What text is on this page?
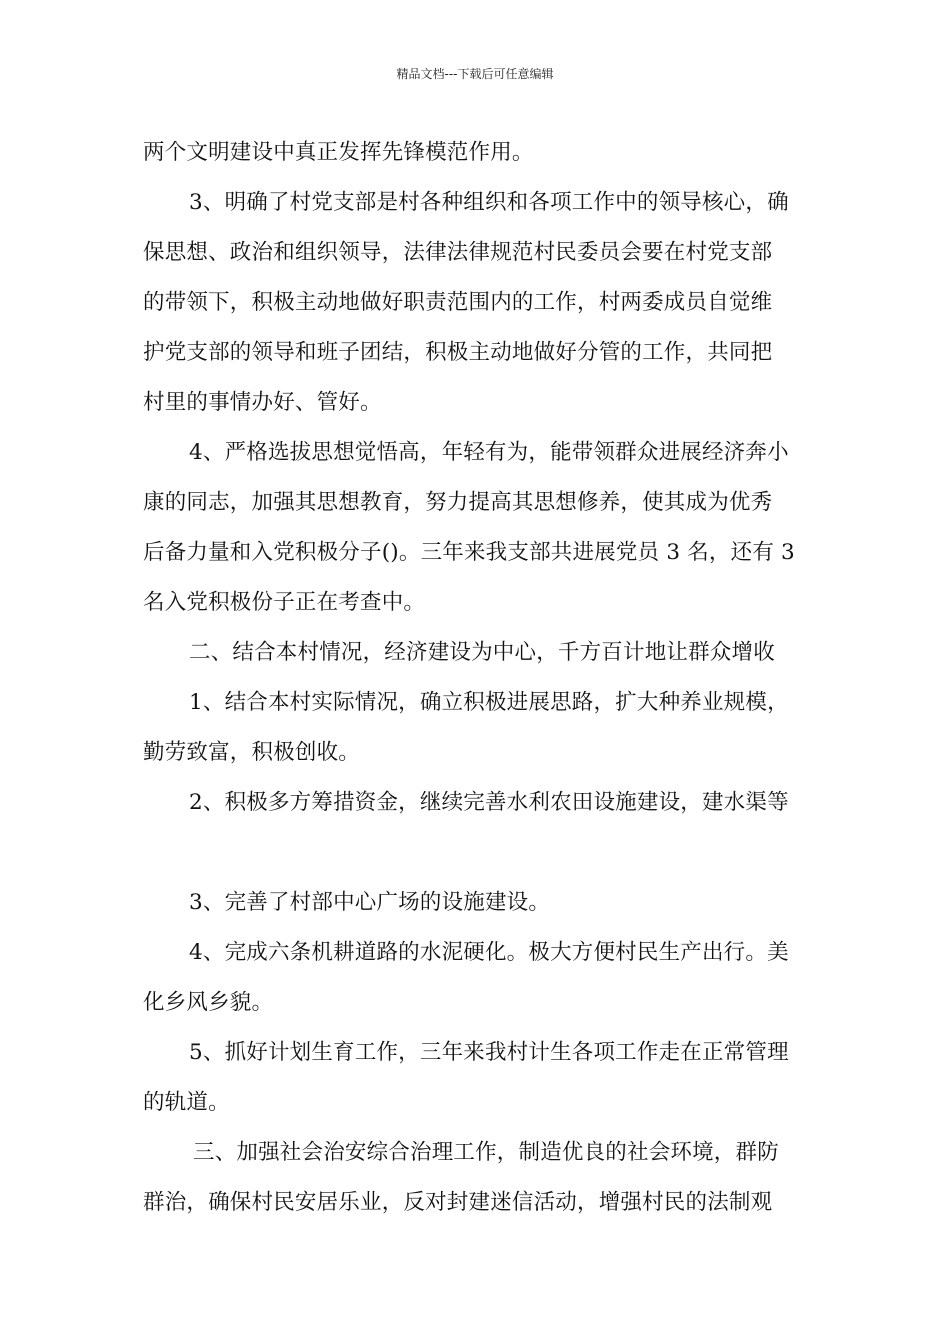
精品文档---下载后可任意编辑
两个文明建设中真正发挥先锋模范作用。
3、明确了村党支部是村各种组织和各项工作中的领导核心，确
保思想、政治和组织领导，法律法律规范村民委员会要在村党支部
的带领下，积极主动地做好职责范围内的工作，村两委成员自觉维
护党支部的领导和班子团结，积极主动地做好分管的工作，共同把
村里的事情办好、管好。
4、严格选拔思想觉悟高，年轻有为，能带领群众进展经济奔小
康的同志，加强其思想教育，努力提高其思想修养，使其成为优秀
后备力量和入党积极分子()。三年来我支部共进展党员 3 名，还有 3
名入党积极份子正在考查中。
二、结合本村情况，经济建设为中心，千方百计地让群众增收
1、结合本村实际情况，确立积极进展思路，扩大种养业规模，
勤劳致富，积极创收。
2、积极多方筹措资金，继续完善水利农田设施建设，建水渠等
3、完善了村部中心广场的设施建设。
4、完成六条机耕道路的水泥硬化。极大方便村民生产出行。美
化乡风乡貌。
5、抓好计划生育工作，三年来我村计生各项工作走在正常管理
的轨道。
三、加强社会治安综合治理工作，制造优良的社会环境，群防
群治，确保村民安居乐业，反对封建迷信活动，增强村民的法制观
